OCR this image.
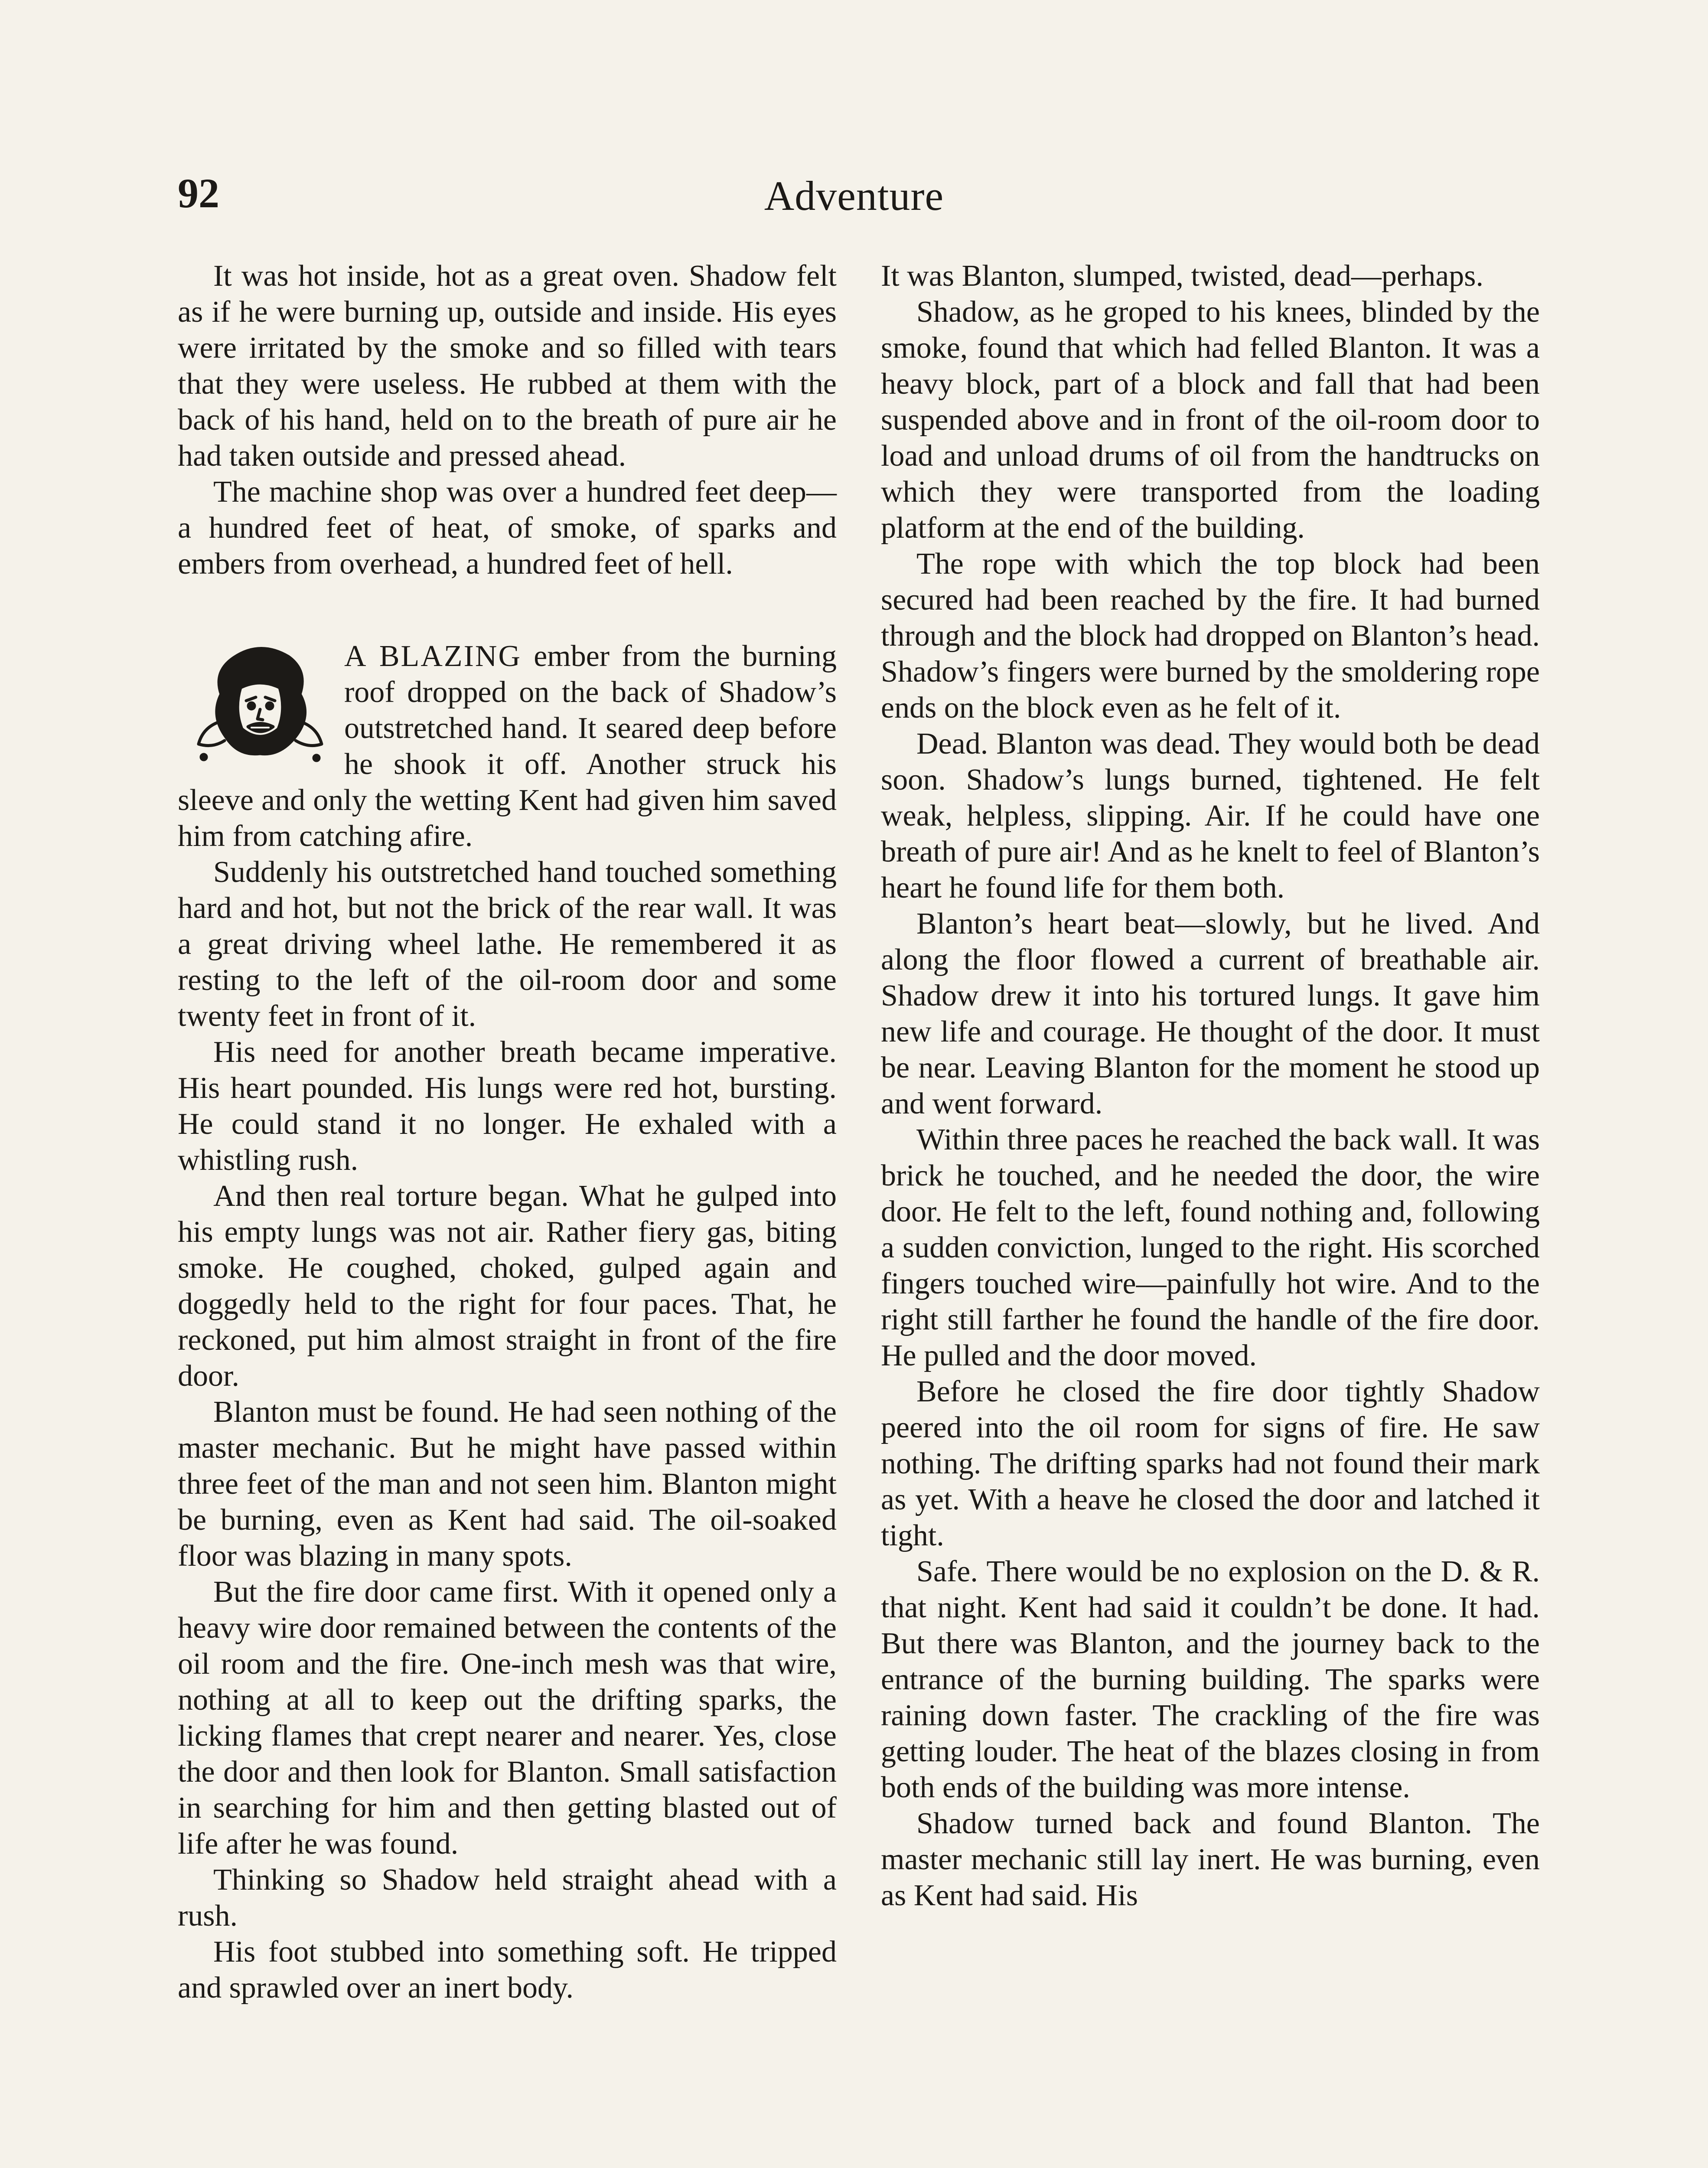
92	Adventure

It was hot inside, hot as a great oven. Shadow felt as if he were burning up, outside and inside. His eyes were irritated by the smoke and so filled with tears that they were useless. He rubbed at them with the back of his hand, held on to the breath of pure air he had taken outside and pressed ahead.

The machine shop was over a hundred feet deep—a hundred feet of heat, of smoke, of sparks and embers from overhead, a hundred feet of hell.

A BLAZING ember from the burning roof dropped on the back of Shadow’s outstretched hand. It seared deep before he shook it off. Another struck his sleeve and only the wetting Kent had given him saved him from catching afire.

Suddenly his outstretched hand touched something hard and hot, but not the brick of the rear wall. It was a great driving wheel lathe. He remembered it as resting to the left of the oil-room door and some twenty feet in front of it.

His need for another breath became imperative. His heart pounded. His lungs were red hot, bursting. He could stand it no longer. He exhaled with a whistling rush.

And then real torture began. What he gulped into his empty lungs was not air. Rather fiery gas, biting smoke. He coughed, choked, gulped again and doggedly held to the right for four paces. That, he reckoned, put him almost straight in front of the fire door.

Blanton must be found. He had seen nothing of the master mechanic. But he might have passed within three feet of the man and not seen him. Blanton might be burning, even as Kent had said. The oil-soaked floor was blazing in many spots.

But the fire door came first. With it opened only a heavy wire door remained between the contents of the oil room and the fire. One-inch mesh was that wire, nothing at all to keep out the drifting sparks, the licking flames that crept nearer and nearer. Yes, close the door and then look for Blanton. Small satisfaction in searching for him and then getting blasted out of life after he was found.

Thinking so Shadow held straight ahead with a rush.

His foot stubbed into something soft. He tripped and sprawled over an inert body.

It was Blanton, slumped, twisted, dead—perhaps.

Shadow, as he groped to his knees, blinded by the smoke, found that which had felled Blanton. It was a heavy block, part of a block and fall that had been suspended above and in front of the oil-room door to load and unload drums of oil from the handtrucks on which they were transported from the loading platform at the end of the building.

The rope with which the top block had been secured had been reached by the fire. It had burned through and the block had dropped on Blanton’s head. Shadow’s fingers were burned by the smoldering rope ends on the block even as he felt of it.

Dead. Blanton was dead. They would both be dead soon. Shadow’s lungs burned, tightened. He felt weak, helpless, slipping. Air. If he could have one breath of pure air! And as he knelt to feel of Blanton’s heart he found life for them both.

Blanton’s heart beat—slowly, but he lived. And along the floor flowed a current of breathable air. Shadow drew it into his tortured lungs. It gave him new life and courage. He thought of the door. It must be near. Leaving Blanton for the moment he stood up and went forward.

Within three paces he reached the back wall. It was brick he touched, and he needed the door, the wire door. He felt to the left, found nothing and, following a sudden conviction, lunged to the right. His scorched fingers touched wire—painfully hot wire. And to the right still farther he found the handle of the fire door. He pulled and the door moved.

Before he closed the fire door tightly Shadow peered into the oil room for signs of fire. He saw nothing. The drifting sparks had not found their mark as yet. With a heave he closed the door and latched it tight.

Safe. There would be no explosion on the D. & R. that night. Kent had said it couldn’t be done. It had. But there was Blanton, and the journey back to the entrance of the burning building. The sparks were raining down faster. The crackling of the fire was getting louder. The heat of the blazes closing in from both ends of the building was more intense.

Shadow turned back and found Blanton. The master mechanic still lay inert. He was burning, even as Kent had said. His
